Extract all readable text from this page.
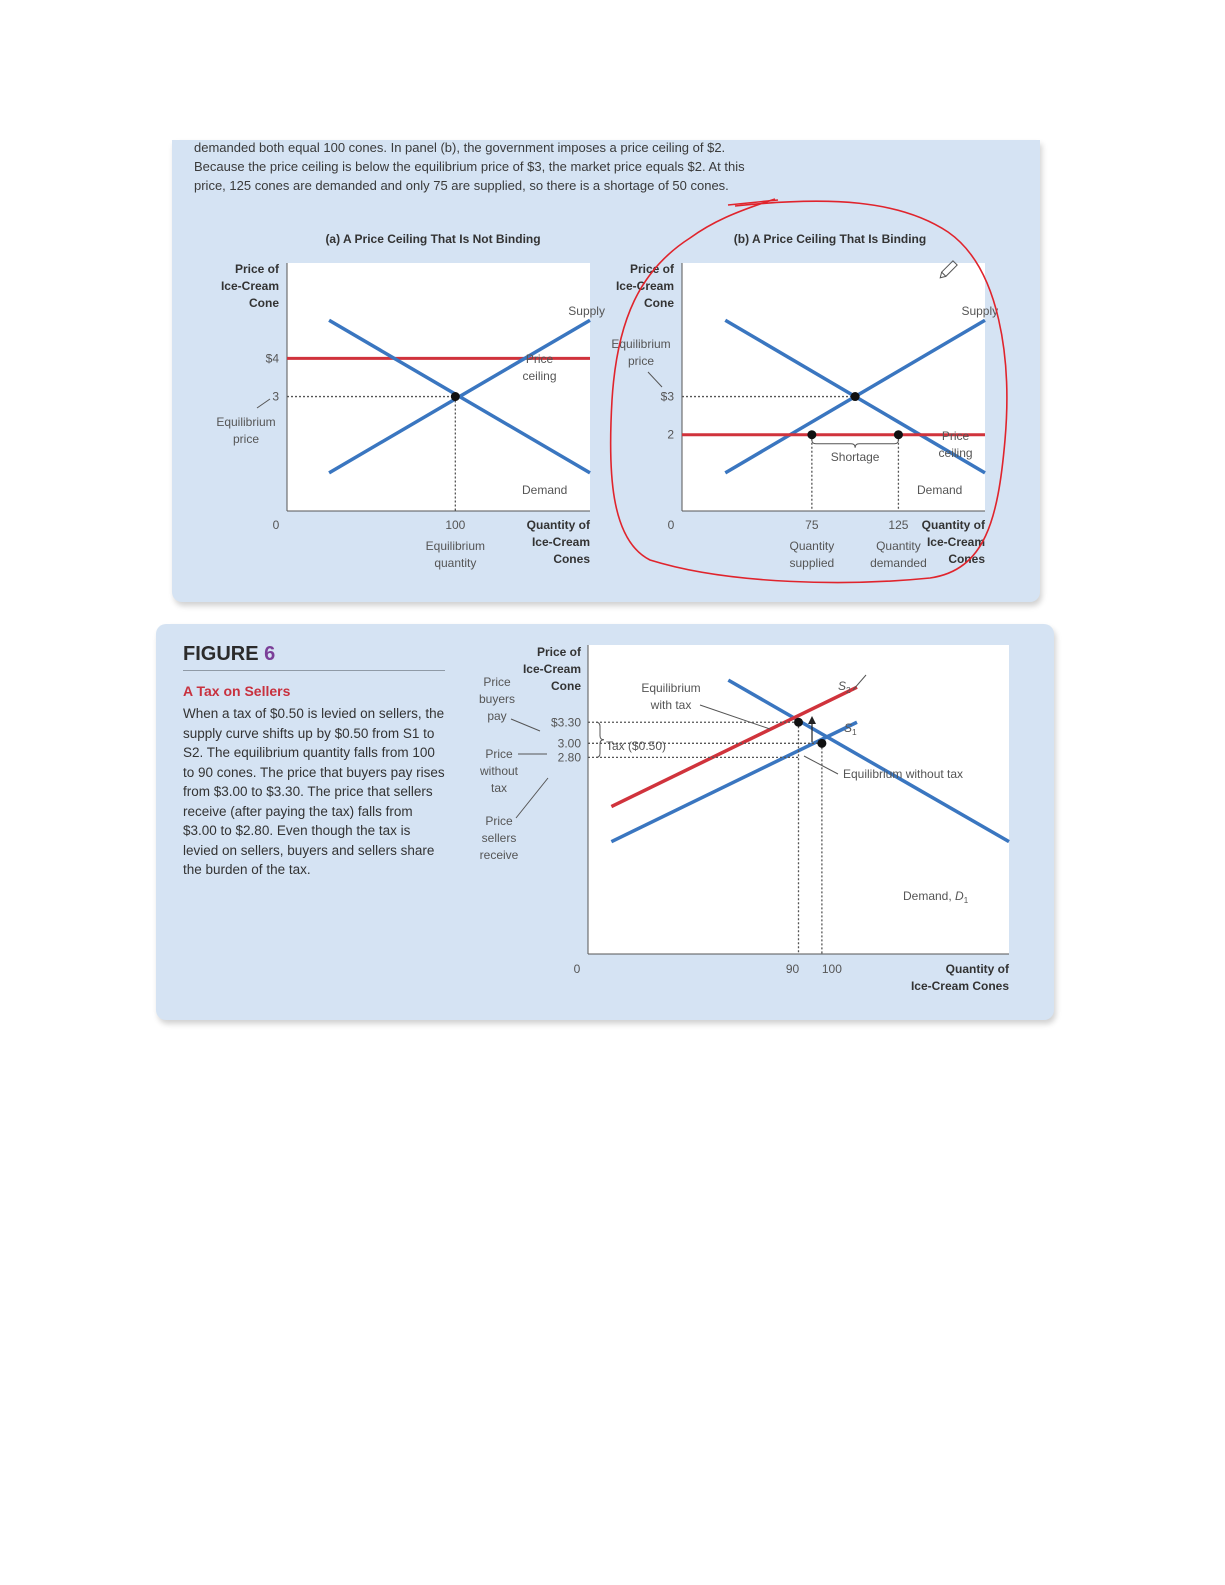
demanded both equal 100 cones. In panel (b), the government imposes a price ceiling of $2. Because the price ceiling is below the equilibrium price of $3, the market price equals $2. At this price, 125 cones are demanded and only 75 are supplied, so there is a shortage of 50 cones.

FIGURE 6
A Tax on Sellers
When a tax of $0.50 is levied on sellers, the supply curve shifts up by $0.50 from S1 to S2. The equilibrium quantity falls from 100 to 90 cones. The price that buyers pay rises from $3.00 to $3.30. The price that sellers receive (after paying the tax) falls from $3.00 to $2.80. Even though the tax is levied on sellers, buyers and sellers share the burden of the tax.
(a) A Price Ceiling That Is Not Binding
Price of
Ice-Cream
Cone
Quantity of
Ice-Cream
Cones
0
$4
3
100
Supply
Price
ceiling
Demand
Equilibrium
price
Equilibrium
quantity
(b) A Price Ceiling That Is Binding
Price of
Ice-Cream
Cone
Quantity of
Ice-Cream
Cones
0
$3
2
75	125
Shortage
Supply
Price
ceiling
Demand
Equilibrium
price
Quantity
supplied
Quantity
demanded
Price of
Ice-Cream
Cone
Quantity of
Ice-Cream Cones
0
$3.30
3.00
2.80
90 100
Tax ($0.50)
$S_2$
$S_1$
Demand, $D_1$
Equilibrium
with tax
Equilibrium without tax
Price
buyers
pay
Price
without
tax
Price
sellers
receive
